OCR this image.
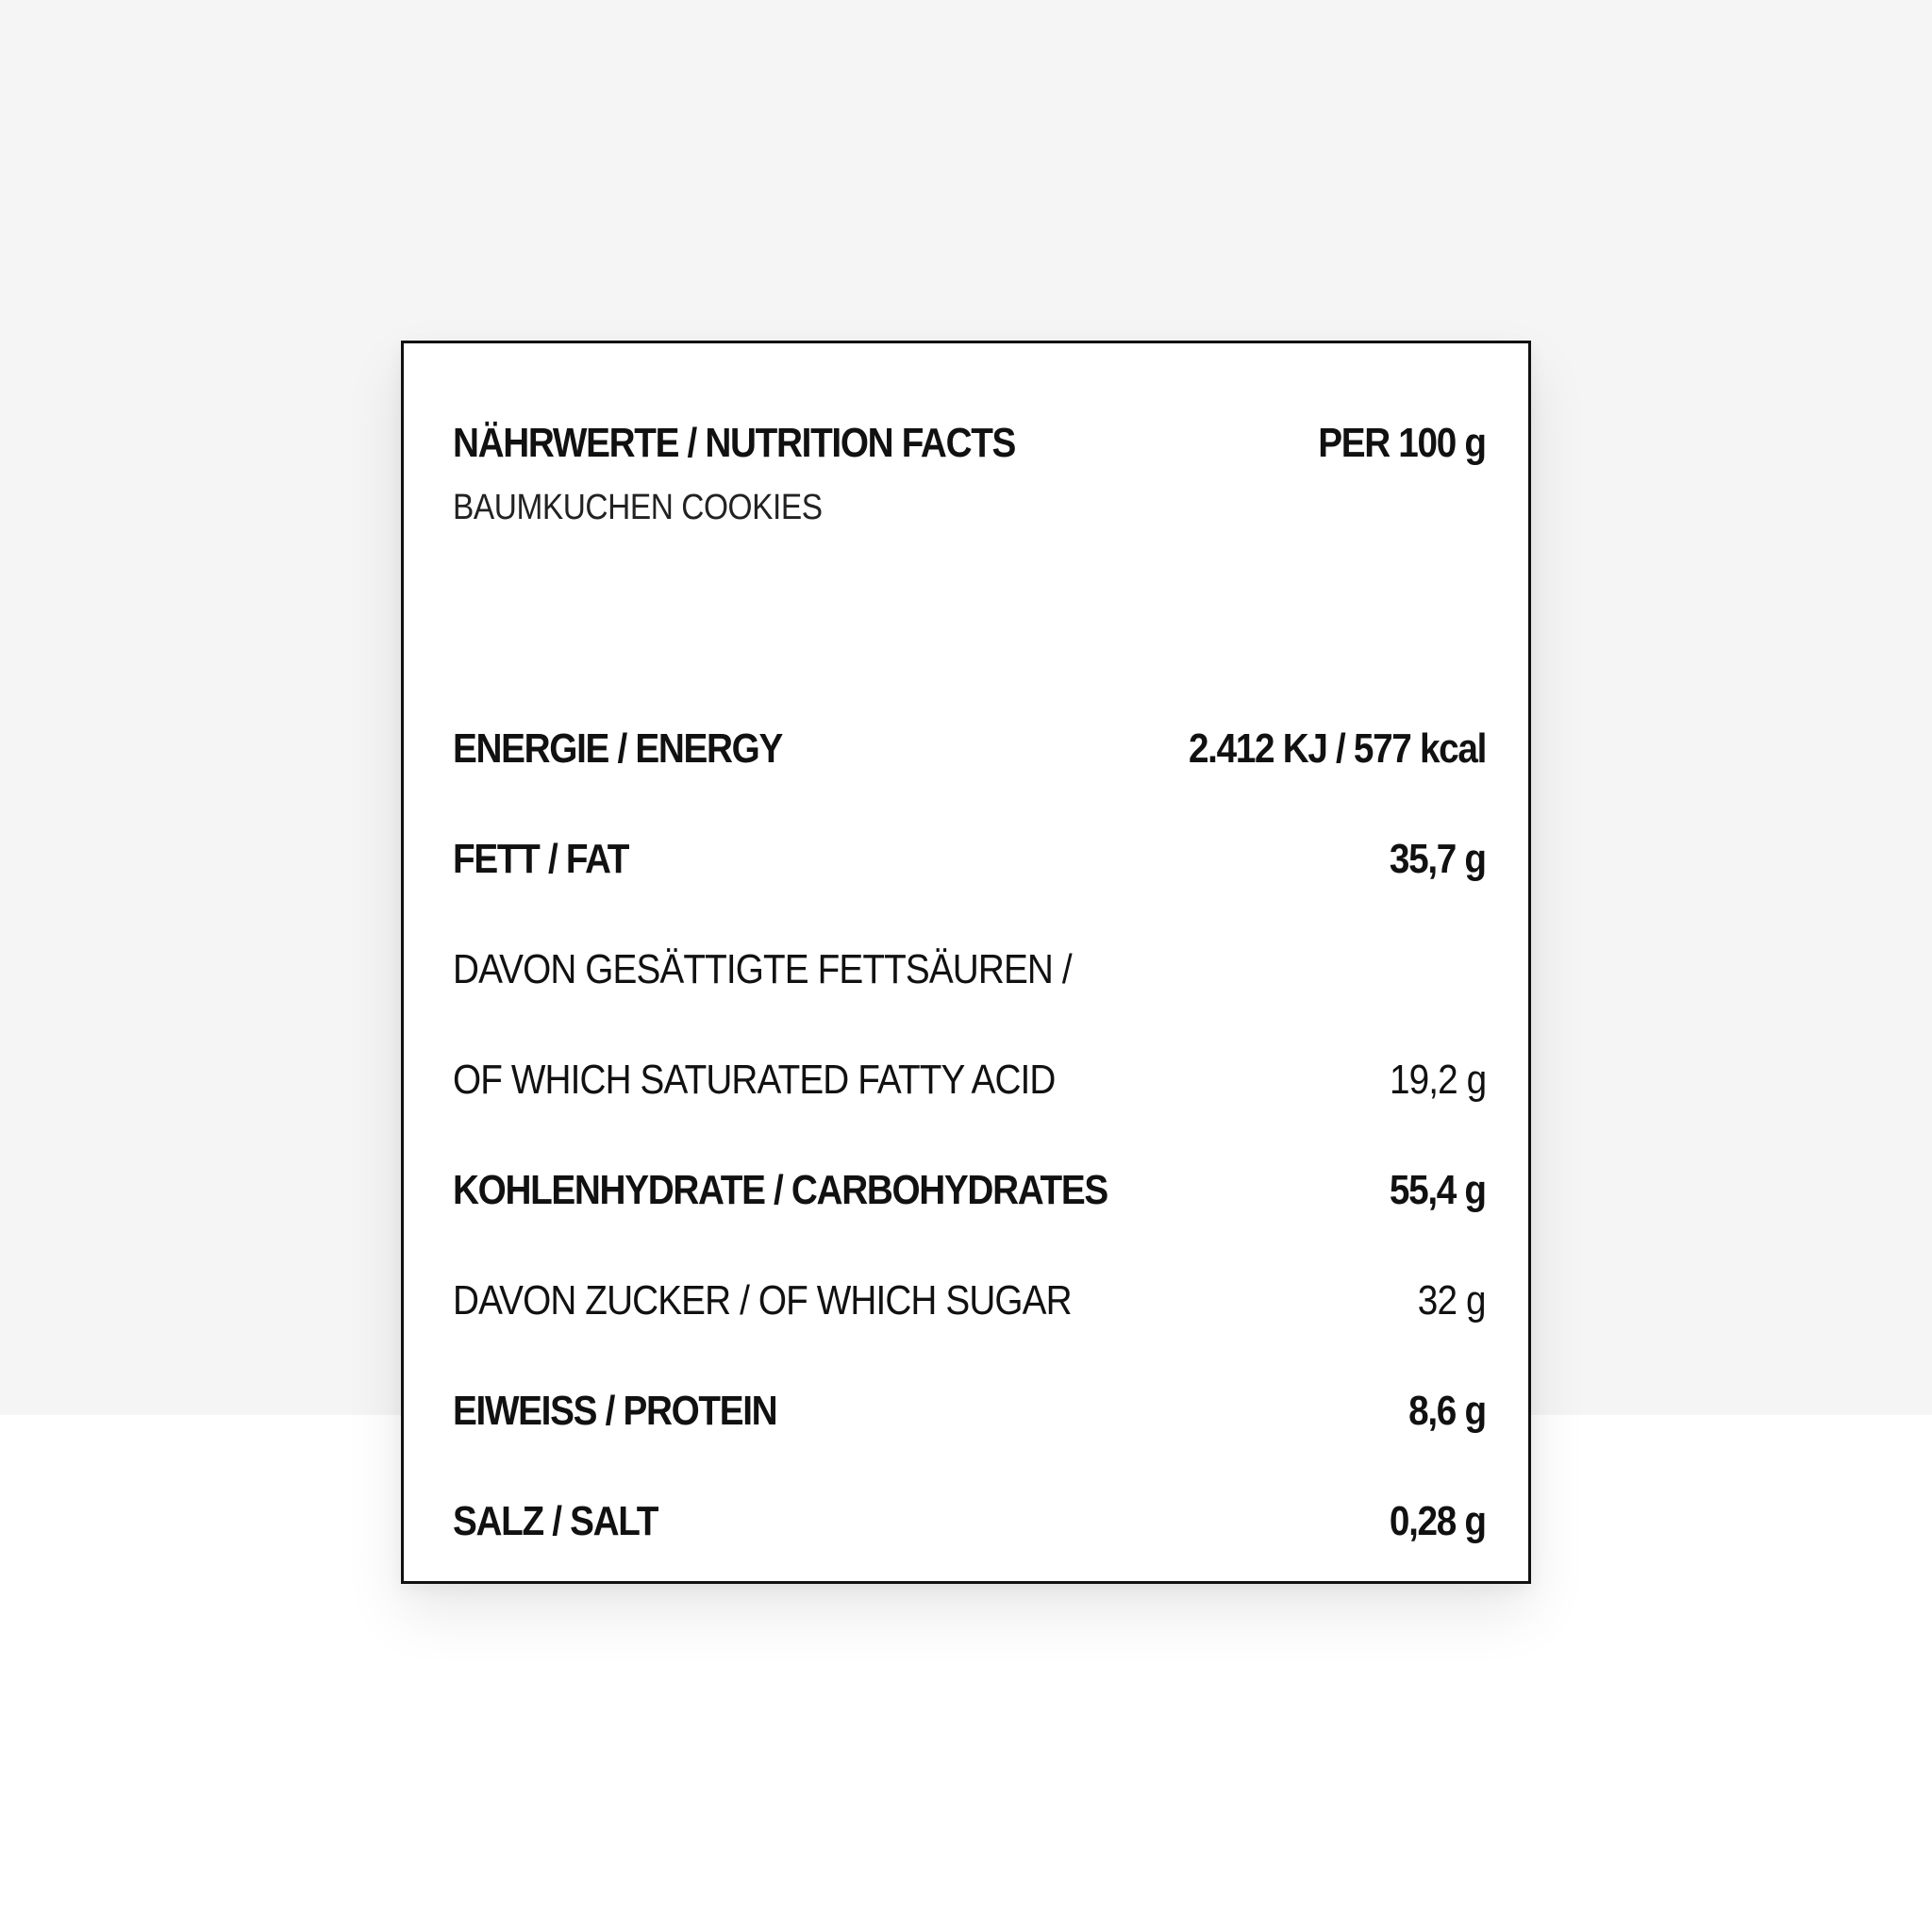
NÄHRWERTE / NUTRITION FACTS	PER 100 g
BAUMKUCHEN COOKIES
ENERGIE / ENERGY	2.412 KJ / 577 kcal
FETT / FAT	35,7 g
DAVON GESÄTTIGTE FETTSÄUREN /
OF WHICH SATURATED FATTY ACID	19,2 g
KOHLENHYDRATE / CARBOHYDRATES	55,4 g
DAVON ZUCKER / OF WHICH SUGAR	32 g
EIWEISS / PROTEIN	8,6 g
SALZ / SALT	0,28 g
